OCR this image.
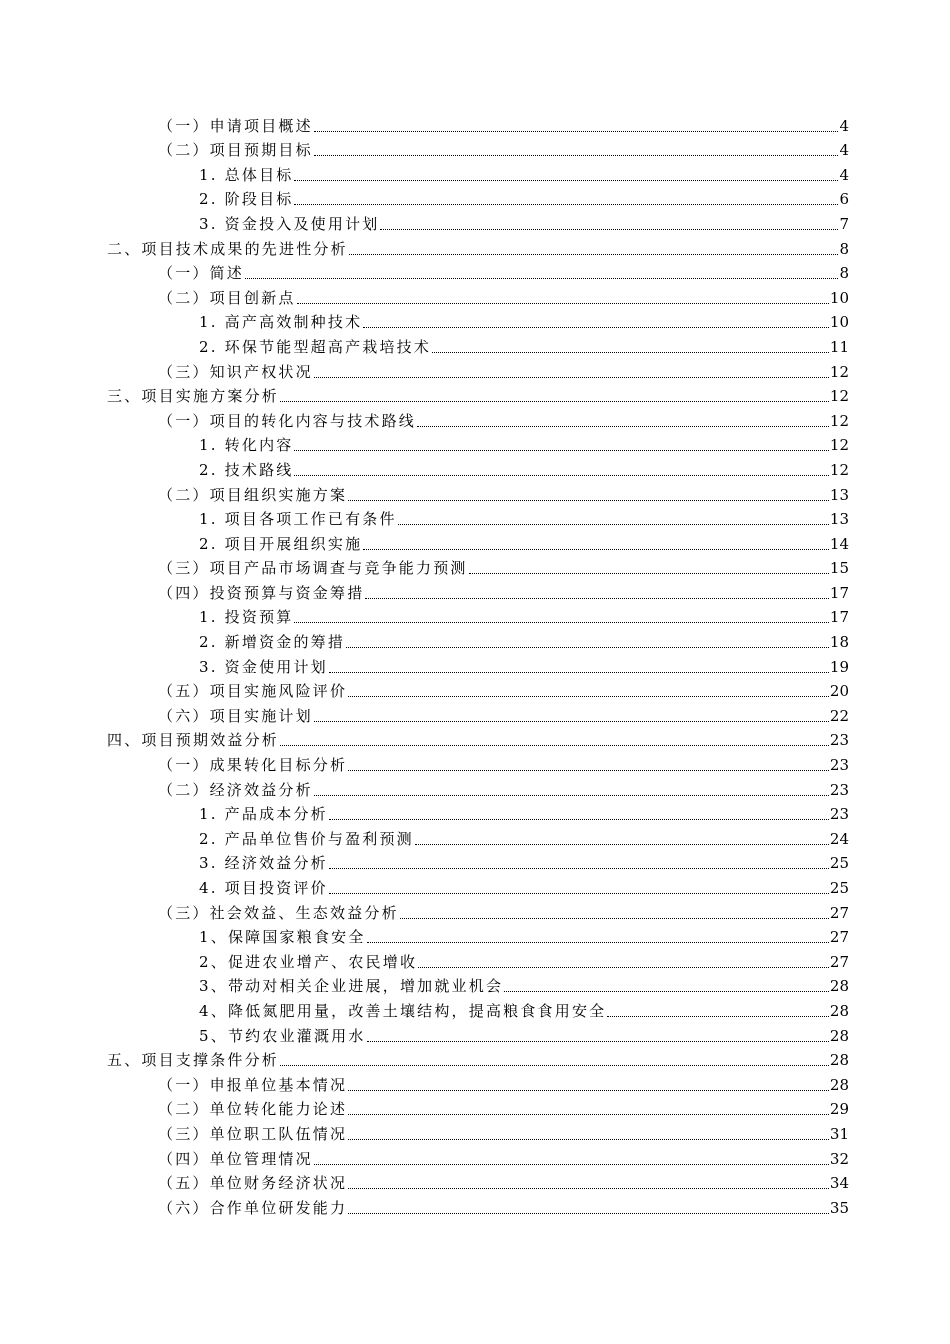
（一）申请项目概述	4
（二）项目预期目标	4
1. 总体目标	4
2. 阶段目标	6
3. 资金投入及使用计划	7
二、项目技术成果的先进性分析	8
（一）简述	8
（二）项目创新点	10
1. 高产高效制种技术	10
2. 环保节能型超高产栽培技术	11
（三）知识产权状况	12
三、项目实施方案分析	12
（一）项目的转化内容与技术路线	12
1. 转化内容	12
2. 技术路线	12
（二）项目组织实施方案	13
1. 项目各项工作已有条件	13
2. 项目开展组织实施	14
（三）项目产品市场调查与竞争能力预测	15
（四）投资预算与资金筹措	17
1. 投资预算	17
2. 新增资金的筹措	18
3. 资金使用计划	19
（五）项目实施风险评价	20
（六）项目实施计划	22
四、项目预期效益分析	23
（一）成果转化目标分析	23
（二）经济效益分析	23
1. 产品成本分析	23
2. 产品单位售价与盈利预测	24
3. 经济效益分析	25
4. 项目投资评价	25
（三）社会效益、生态效益分析	27
1、保障国家粮食安全	27
2、促进农业增产、农民增收	27
3、带动对相关企业进展，增加就业机会	28
4、降低氮肥用量，改善土壤结构，提高粮食食用安全	28
5、节约农业灌溉用水	28
五、项目支撑条件分析	28
（一）申报单位基本情况	28
（二）单位转化能力论述	29
（三）单位职工队伍情况	31
（四）单位管理情况	32
（五）单位财务经济状况	34
（六）合作单位研发能力	35
